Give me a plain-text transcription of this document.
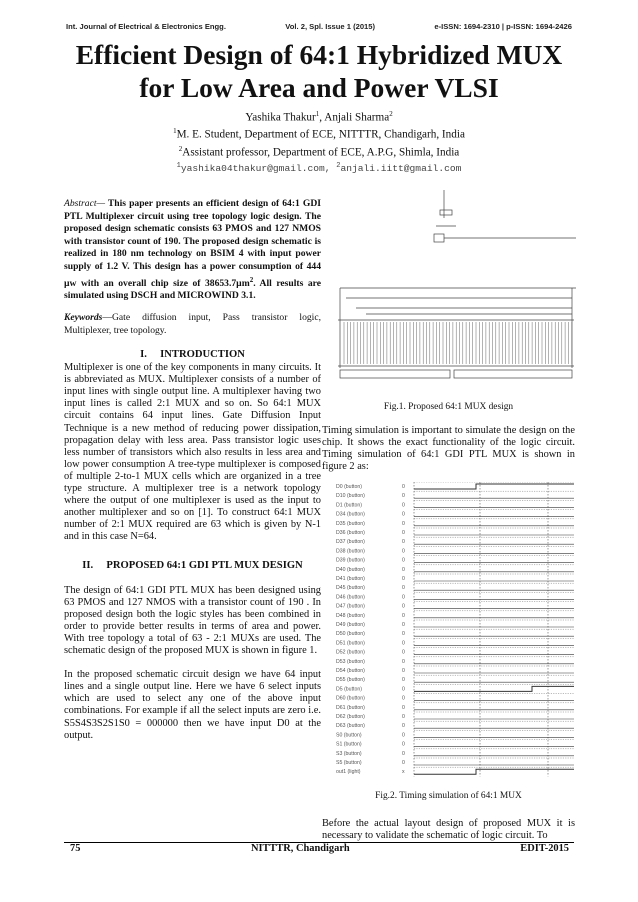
Int. Journal of Electrical & Electronics Engg.	Vol. 2, Spl. Issue 1 (2015)	e-ISSN: 1694-2310 | p-ISSN: 1694-2426
Efficient Design of 64:1 Hybridized MUX
for Low Area and Power VLSI
Yashika Thakur$^1$, Anjali Sharma$^2$
$^1$M. E. Student, Department of ECE, NITTTR, Chandigarh, India
$^2$Assistant professor, Department of ECE, A.P.G, Shimla, India
$^1$yashika04thakur@gmail.com, $^2$anjali.iitt@gmail.com
Abstract— This paper presents an efficient design of 64:1 GDI PTL Multiplexer circuit using tree topology logic design. The proposed design schematic consists 63 PMOS and 127 NMOS with transistor count of 190. The proposed design schematic is realized in 180 nm technology on BSIM 4 with input power supply of 1.2 V. This design has a power consumption of 444 µw with an overall chip size of 38653.7µm$^2$. All results are simulated using DSCH and MICROWIND 3.1.
Keywords—Gate diffusion input, Pass transistor logic, Multiplexer, tree topology.
I.     INTRODUCTION

Multiplexer is one of the key components in many circuits. It is abbreviated as MUX. Multiplexer consists of a number of input lines with single output line. A multiplexer having two input lines is called 2:1 MUX and so on. So 64:1 MUX circuit contains 64 input lines. Gate Diffusion Input Technique is a new method of reducing power dissipation, propagation delay with less area. Pass transistor logic uses less number of transistors which also results in less area and low power consumption A tree-type multiplexer is composed of multiple 2-to-1 MUX cells which are organized in a tree type structure. A multiplexer tree is a network topology where the output of one multiplexer is used as the input to another multiplexer and so on [1]. To construct 64:1 MUX number of 2:1 MUX required are 63 which is given by N-1 and in this case N=64.

II.     PROPOSED 64:1 GDI PTL MUX DESIGN

The design of 64:1 GDI PTL MUX has been designed using 63 PMOS and 127 NMOS with a transistor count of 190 . In proposed design both the logic styles has been combined in order to provide better results in terms of area and power. With tree topology a total of 63 - 2:1 MUXs are used. The schematic design of the proposed MUX is shown in figure 1.

In the proposed schematic circuit design we have 64 input lines and a single output line. Here we have 6 select inputs which are used to select any one of the above input combinations. For example if all the select inputs are zero i.e. S5S4S3S2S1S0 = 000000 then we have input D0 at the output.

Fig.1. Proposed 64:1 MUX design
Timing simulation is important to simulate the design on the chip. It shows the exact functionality of the logic circuit. Timing simulation of 64:1 GDI PTL MUX is shown in figure 2 as:
D0 (button)	0
D10 (button)	0
D1 (button)	0
D34 (button)	0
D35 (button)	0
D36 (button)	0
D37 (button)	0
D38 (button)	0
D39 (button)	0
D40 (button)	0
D41 (button)	0
D45 (button)	0
D46 (button)	0
D47 (button)	0
D48 (button)	0
D49 (button)	0
D50 (button)	0
D51 (button)	0
D52 (button)	0
D53 (button)	0
D54 (button)	0
D55 (button)	0
D5 (button)	0
D60 (button)	0
D61 (button)	0
D62 (button)	0
D63 (button)	0
S0 (button)	0
S1 (button)	0
S3 (button)	0
S5 (button)	0
out1 (light)	x
Fig.2. Timing simulation of 64:1 MUX
Before the actual layout design of proposed MUX it is necessary to validate the schematic of logic circuit. To
75	NITTTR, Chandigarh	EDIT-2015
